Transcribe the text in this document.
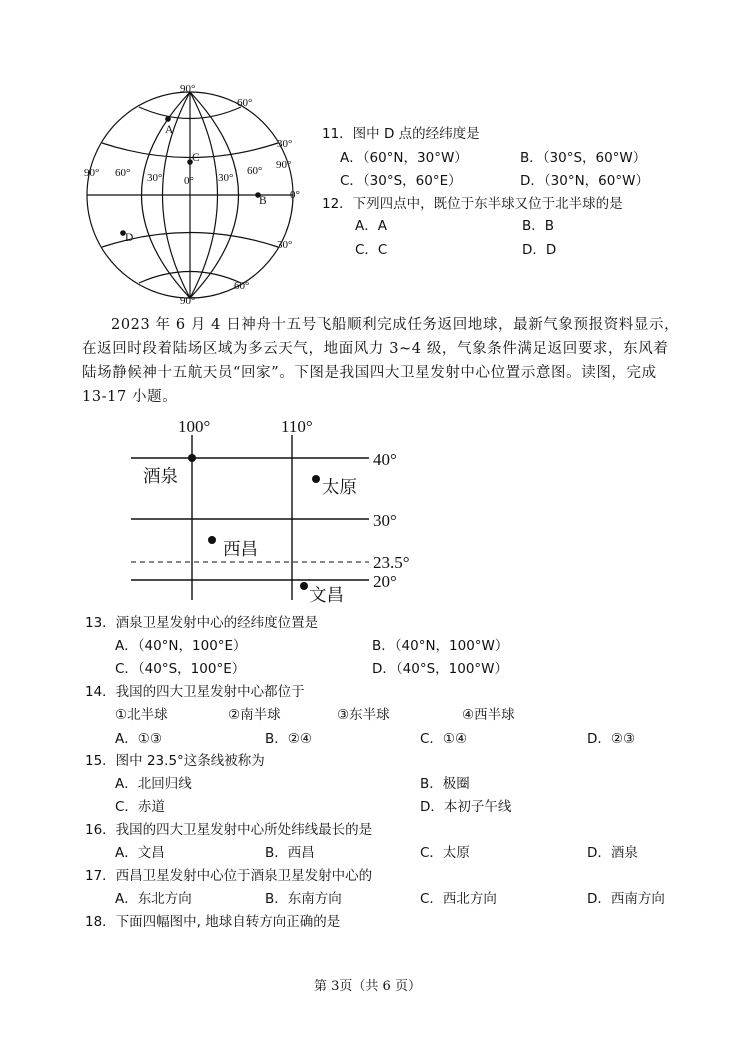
90°
90°
60°
30°
0°
30°
60°
90° 60° 30° 0° 30°
60° 90°
A
B
C
D
11．图中 D 点的经纬度是
A．（60°N，30°W）	B．（30°S，60°W）
C．（30°S，60°E）	D．（30°N，60°W）
12．下列四点中，既位于东半球又位于北半球的是
A．A	B．B
C．C	D．D
2023 年 6 月 4 日神舟十五号飞船顺利完成任务返回地球，最新气象预报资料显示，在返回时段着陆场区域为多云天气，地面风力 3~4 级，气象条件满足返回要求，东风着陆场静候神十五航天员“回家”。下图是我国四大卫星发射中心位置示意图。读图，完成 13-17 小题。
100°	110°
40°
30°
23.5°
20°
酒泉
太原
西昌
文昌
13．酒泉卫星发射中心的经纬度位置是
A．（40°N，100°E）	B．（40°N，100°W）
C．（40°S，100°E）	D．（40°S，100°W）
14．我国的四大卫星发射中心都位于
①北半球	②南半球	③东半球	④西半球
A．①③	B．②④	C．①④	D．②③
15．图中 23.5°这条线被称为
A．北回归线	B．极圈
C．赤道	D．本初子午线
16．我国的四大卫星发射中心所处纬线最长的是
A．文昌	B．西昌	C．太原	D．酒泉
17．西昌卫星发射中心位于酒泉卫星发射中心的
A．东北方向	B．东南方向	C．西北方向	D．西南方向
18．下面四幅图中, 地球自转方向正确的是
第 3页（共 6 页）
